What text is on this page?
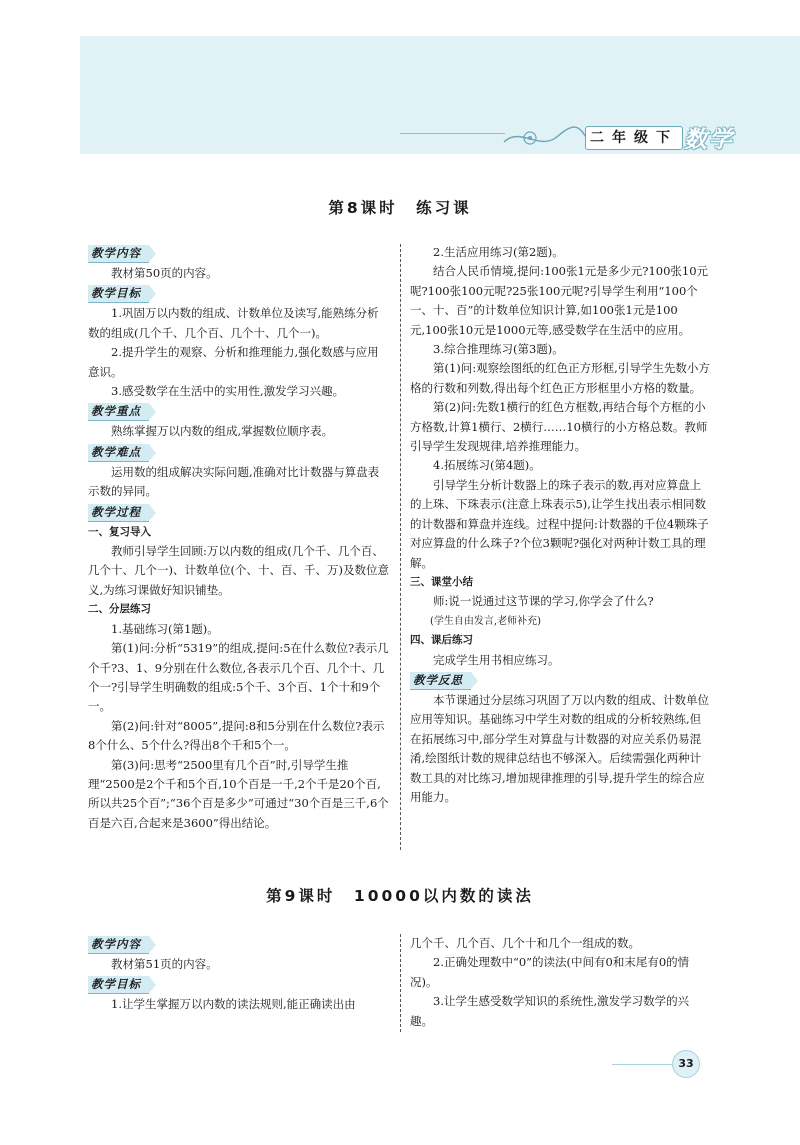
二年级下 数学
第8课时　练习课
教学内容

教材第50页的内容。

教学目标

1.巩固万以内数的组成、计数单位及读写,能熟练分析数的组成(几个千、几个百、几个十、几个一)。

2.提升学生的观察、分析和推理能力,强化数感与应用意识。

3.感受数学在生活中的实用性,激发学习兴趣。

教学重点

熟练掌握万以内数的组成,掌握数位顺序表。

教学难点

运用数的组成解决实际问题,准确对比计数器与算盘表示数的异同。

教学过程

一、复习导入

教师引导学生回顾:万以内数的组成(几个千、几个百、几个十、几个一)、计数单位(个、十、百、千、万)及数位意义,为练习课做好知识铺垫。

二、分层练习

1.基础练习(第1题)。

第(1)问:分析“5319”的组成,提问:5在什么数位?表示几个千?3、1、9分别在什么数位,各表示几个百、几个十、几个一?引导学生明确数的组成:5个千、3个百、1个十和9个一。

第(2)问:针对“8005”,提问:8和5分别在什么数位?表示8个什么、5个什么?得出8个千和5个一。

第(3)问:思考“2500里有几个百”时,引导学生推理“2500是2个千和5个百,10个百是一千,2个千是20个百,所以共25个百”;“36个百是多少”可通过“30个百是三千,6个百是六百,合起来是3600”得出结论。

2.生活应用练习(第2题)。

结合人民币情境,提问:100张1元是多少元?100张10元呢?100张100元呢?25张100元呢?引导学生利用“100个一、十、百”的计数单位知识计算,如100张1元是100元,100张10元是1000元等,感受数学在生活中的应用。

3.综合推理练习(第3题)。

第(1)问:观察绘图纸的红色正方形框,引导学生先数小方格的行数和列数,得出每个红色正方形框里小方格的数量。

第(2)问:先数1横行的红色方框数,再结合每个方框的小方格数,计算1横行、2横行……10横行的小方格总数。教师引导学生发现规律,培养推理能力。

4.拓展练习(第4题)。

引导学生分析计数器上的珠子表示的数,再对应算盘上的上珠、下珠表示(注意上珠表示5),让学生找出表示相同数的计数器和算盘并连线。过程中提问:计数器的千位4颗珠子对应算盘的什么珠子?个位3颗呢?强化对两种计数工具的理解。

三、课堂小结

师:说一说通过这节课的学习,你学会了什么?

(学生自由发言,老师补充)

四、课后练习

完成学生用书相应练习。

教学反思

本节课通过分层练习巩固了万以内数的组成、计数单位应用等知识。基础练习中学生对数的组成的分析较熟练,但在拓展练习中,部分学生对算盘与计数器的对应关系仍易混淆,绘图纸计数的规律总结也不够深入。后续需强化两种计数工具的对比练习,增加规律推理的引导,提升学生的综合应用能力。

第9课时　10000以内数的读法
教学内容

教材第51页的内容。

教学目标

1.让学生掌握万以内数的读法规则,能正确读出由

几个千、几个百、几个十和几个一组成的数。

2.正确处理数中“0”的读法(中间有0和末尾有0的情况)。

3.让学生感受数学知识的系统性,激发学习数学的兴趣。

33
